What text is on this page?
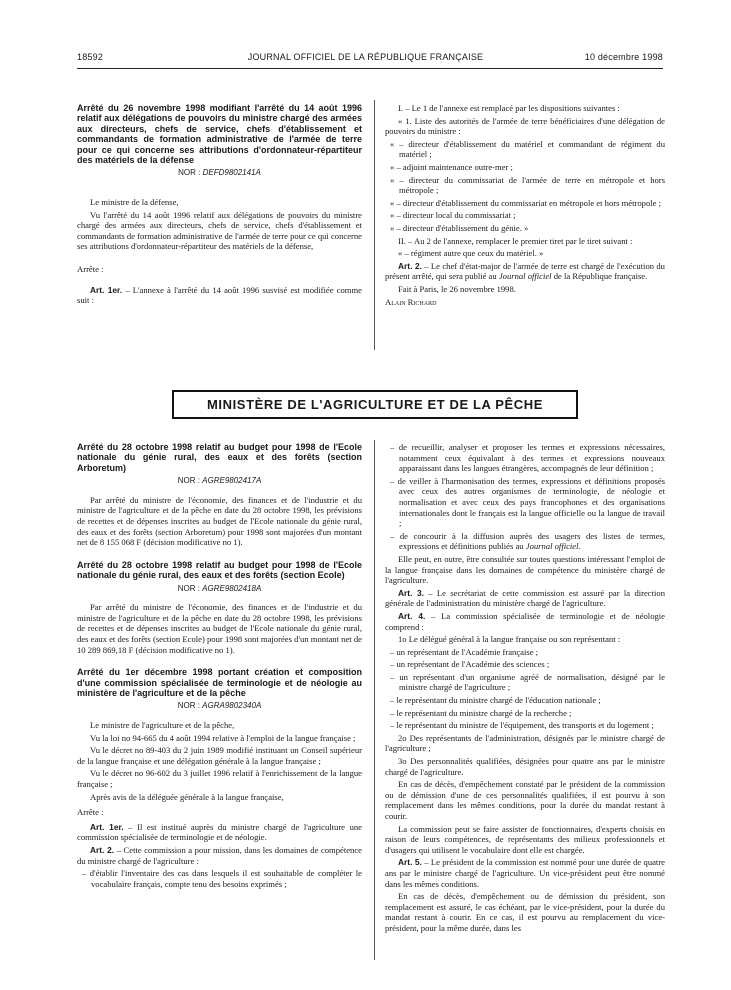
18592	JOURNAL OFFICIEL DE LA RÉPUBLIQUE FRANÇAISE	10 décembre 1998

Arrêté du 26 novembre 1998 modifiant l'arrêté du 14 août 1996 relatif aux délégations de pouvoirs du ministre chargé des armées aux directeurs, chefs de service, chefs d'établissement et commandants de formation administrative de l'armée de terre pour ce qui concerne ses attributions d'ordonnateur-répartiteur des matériels de la défense

NOR : DEFD9802141A

Le ministre de la défense,

Vu l'arrêté du 14 août 1996 relatif aux délégations de pouvoirs du ministre chargé des armées aux directeurs, chefs de service, chefs d'établissement et commandants de formation administrative de l'armée de terre pour ce qui concerne ses attributions d'ordonnateur-répartiteur des matériels de la défense,

Arrête :

Art. 1er. – L'annexe à l'arrêté du 14 août 1996 susvisé est modifiée comme suit :

I. – Le 1 de l'annexe est remplacé par les dispositions suivantes :

« 1. Liste des autorités de l'armée de terre bénéficiaires d'une délégation de pouvoirs du ministre :

« – directeur d'établissement du matériel et commandant de régiment du matériel ;

« – adjoint maintenance outre-mer ;

« – directeur du commissariat de l'armée de terre en métropole et hors métropole ;

« – directeur d'établissement du commissariat en métropole et hors métropole ;

« – directeur local du commissariat ;

« – directeur d'établissement du génie. »

II. – Au 2 de l'annexe, remplacer le premier tiret par le tiret suivant :

« – régiment autre que ceux du matériel. »

Art. 2. – Le chef d'état-major de l'armée de terre est chargé de l'exécution du présent arrêté, qui sera publié au Journal officiel de la République française.

Fait à Paris, le 26 novembre 1998.

Alain Richard

MINISTÈRE DE L'AGRICULTURE ET DE LA PÊCHE

Arrêté du 28 octobre 1998 relatif au budget pour 1998 de l'Ecole nationale du génie rural, des eaux et des forêts (section Arboretum)

NOR : AGRE9802417A

Par arrêté du ministre de l'économie, des finances et de l'industrie et du ministre de l'agriculture et de la pêche en date du 28 octobre 1998, les prévisions de recettes et de dépenses inscrites au budget de l'Ecole nationale du génie rural, des eaux et des forêts (section Arboretum) pour 1998 sont majorées d'un montant net de 8 155 068 F (décision modificative no 1).

Arrêté du 28 octobre 1998 relatif au budget pour 1998 de l'Ecole nationale du génie rural, des eaux et des forêts (section Ecole)

NOR : AGRE9802418A

Par arrêté du ministre de l'économie, des finances et de l'industrie et du ministre de l'agriculture et de la pêche en date du 28 octobre 1998, les prévisions de recettes et de dépenses inscrites au budget de l'Ecole nationale du génie rural, des eaux et des forêts (section Ecole) pour 1998 sont majorées d'un montant net de 10 289 869,18 F (décision modificative no 1).

Arrêté du 1er décembre 1998 portant création et composition d'une commission spécialisée de terminologie et de néologie au ministère de l'agriculture et de la pêche

NOR : AGRA9802340A

Le ministre de l'agriculture et de la pêche,

Vu la loi no 94-665 du 4 août 1994 relative à l'emploi de la langue française ;

Vu le décret no 89-403 du 2 juin 1989 modifié instituant un Conseil supérieur de la langue française et une délégation générale à la langue française ;

Vu le décret no 96-602 du 3 juillet 1996 relatif à l'enrichissement de la langue française ;

Après avis de la déléguée générale à la langue française,

Arrête :

Art. 1er. – Il est institué auprès du ministre chargé de l'agriculture une commission spécialisée de terminologie et de néologie.

Art. 2. – Cette commission a pour mission, dans les domaines de compétence du ministre chargé de l'agriculture :

– d'établir l'inventaire des cas dans lesquels il est souhaitable de compléter le vocabulaire français, compte tenu des besoins exprimés ;

– de recueillir, analyser et proposer les termes et expressions nécessaires, notamment ceux équivalant à des termes et expressions nouveaux apparaissant dans les langues étrangères, accompagnés de leur définition ;

– de veiller à l'harmonisation des termes, expressions et définitions proposés avec ceux des autres organismes de terminologie, de néologie et normalisation et avec ceux des pays francophones et des organisations internationales dont le français est la langue officielle ou la langue de travail ;

– de concourir à la diffusion auprès des usagers des listes de termes, expressions et définitions publiés au Journal officiel.

Elle peut, en outre, être consultée sur toutes questions intéressant l'emploi de la langue française dans les domaines de compétence du ministère chargé de l'agriculture.

Art. 3. – Le secrétariat de cette commission est assuré par la direction générale de l'administration du ministère chargé de l'agriculture.

Art. 4. – La commission spécialisée de terminologie et de néologie comprend :

1o Le délégué général à la langue française ou son représentant :

– un représentant de l'Académie française ;

– un représentant de l'Académie des sciences ;

– un représentant d'un organisme agréé de normalisation, désigné par le ministre chargé de l'agriculture ;

– le représentant du ministre chargé de l'éducation nationale ;

– le représentant du ministre chargé de la recherche ;

– le représentant du ministre de l'équipement, des transports et du logement ;

2o Des représentants de l'administration, désignés par le ministre chargé de l'agriculture ;

3o Des personnalités qualifiées, désignées pour quatre ans par le ministre chargé de l'agriculture.

En cas de décès, d'empêchement constaté par le président de la commission ou de démission d'une de ces personnalités qualifiées, il est pourvu à son remplacement dans les mêmes conditions, pour la durée du mandat restant à courir.

La commission peut se faire assister de fonctionnaires, d'experts choisis en raison de leurs compétences, de représentants des milieux professionnels et d'usagers qui utilisent le vocabulaire dont elle est chargée.

Art. 5. – Le président de la commission est nommé pour une durée de quatre ans par le ministre chargé de l'agriculture. Un vice-président peut être nommé dans les mêmes conditions.

En cas de décès, d'empêchement ou de démission du président, son remplacement est assuré, le cas échéant, par le vice-président, pour la durée du mandat restant à courir. En ce cas, il est pourvu au remplacement du vice-président, pour la même durée, dans les
